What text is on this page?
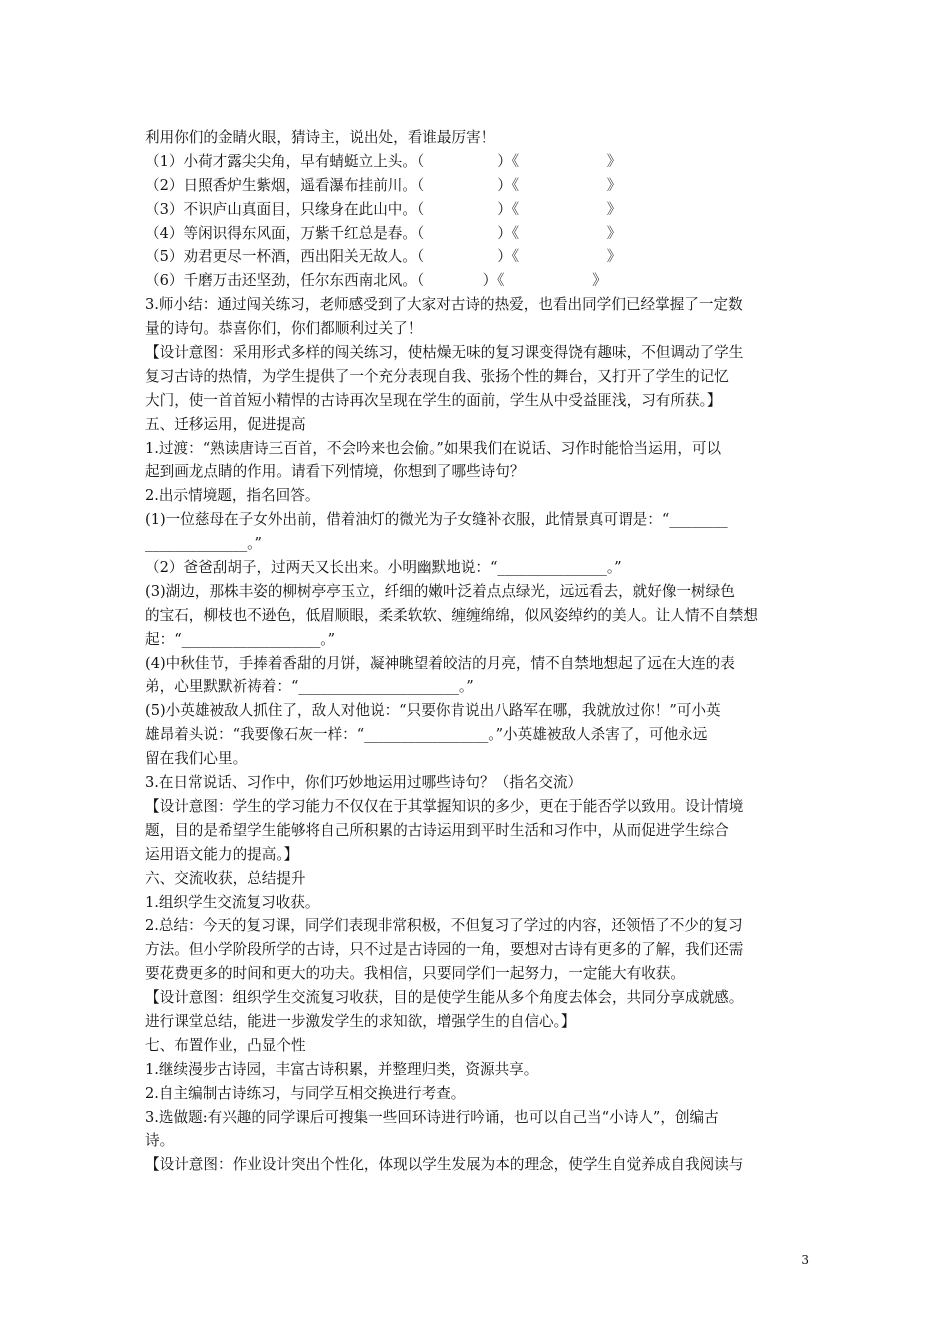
利用你们的金睛火眼，猜诗主，说出处，看谁最厉害！
（1）小荷才露尖尖角，早有蜻蜓立上头。（　　　　　）《　　　　　　》
（2）日照香炉生紫烟，遥看瀑布挂前川。（　　　　　）《　　　　　　》
（3）不识庐山真面目，只缘身在此山中。（　　　　　）《　　　　　　》
（4）等闲识得东风面，万紫千红总是春。（　　　　　）《　　　　　　》
（5）劝君更尽一杯酒，西出阳关无故人。（　　　　　）《　　　　　　》
（6）千磨万击还坚劲，任尔东西南北风。（　　　　）《　　　　　　》
3.师小结：通过闯关练习，老师感受到了大家对古诗的热爱，也看出同学们已经掌握了一定数
量的诗句。恭喜你们，你们都顺利过关了！
【设计意图：采用形式多样的闯关练习，使枯燥无味的复习课变得饶有趣味，不但调动了学生
复习古诗的热情，为学生提供了一个充分表现自我、张扬个性的舞台，又打开了学生的记忆
大门，使一首首短小精悍的古诗再次呈现在学生的面前，学生从中受益匪浅，习有所获。】
五、迁移运用，促进提高
1.过渡：“熟读唐诗三百首，不会吟来也会偷。”如果我们在说话、习作时能恰当运用，可以
起到画龙点睛的作用。请看下列情境，你想到了哪些诗句？
2.出示情境题，指名回答。
(1)一位慈母在子女外出前，借着油灯的微光为子女缝补衣服，此情景真可谓是：“________
______________。”
（2）爸爸刮胡子，过两天又长出来。小明幽默地说：“_______________。”
(3)湖边，那株丰姿的柳树亭亭玉立，纤细的嫩叶泛着点点绿光，远远看去，就好像一树绿色
的宝石，柳枝也不逊色，低眉顺眼，柔柔软软、缠缠绵绵，似风姿绰约的美人。让人情不自禁想
起：“___________________。”
(4)中秋佳节，手捧着香甜的月饼，凝神眺望着皎洁的月亮，情不自禁地想起了远在大连的表
弟，心里默默祈祷着：“______________________。”
(5)小英雄被敌人抓住了，敌人对他说：“只要你肯说出八路军在哪，我就放过你！”可小英
雄昂着头说：“我要像石灰一样：“_________________。”小英雄被敌人杀害了，可他永远
留在我们心里。
3.在日常说话、习作中，你们巧妙地运用过哪些诗句？（指名交流）
【设计意图：学生的学习能力不仅仅在于其掌握知识的多少，更在于能否学以致用。设计情境
题，目的是希望学生能够将自己所积累的古诗运用到平时生活和习作中，从而促进学生综合
运用语文能力的提高。】
六、交流收获，总结提升
1.组织学生交流复习收获。
2.总结：今天的复习课，同学们表现非常积极，不但复习了学过的内容，还领悟了不少的复习
方法。但小学阶段所学的古诗，只不过是古诗园的一角，要想对古诗有更多的了解，我们还需
要花费更多的时间和更大的功夫。我相信，只要同学们一起努力，一定能大有收获。
【设计意图：组织学生交流复习收获，目的是使学生能从多个角度去体会，共同分享成就感。
进行课堂总结，能进一步激发学生的求知欲，增强学生的自信心。】
七、布置作业，凸显个性
1.继续漫步古诗园，丰富古诗积累，并整理归类，资源共享。
2.自主编制古诗练习，与同学互相交换进行考查。
3.选做题:有兴趣的同学课后可搜集一些回环诗进行吟诵，也可以自己当“小诗人”，创编古
诗。
【设计意图：作业设计突出个性化，体现以学生发展为本的理念，使学生自觉养成自我阅读与
3
